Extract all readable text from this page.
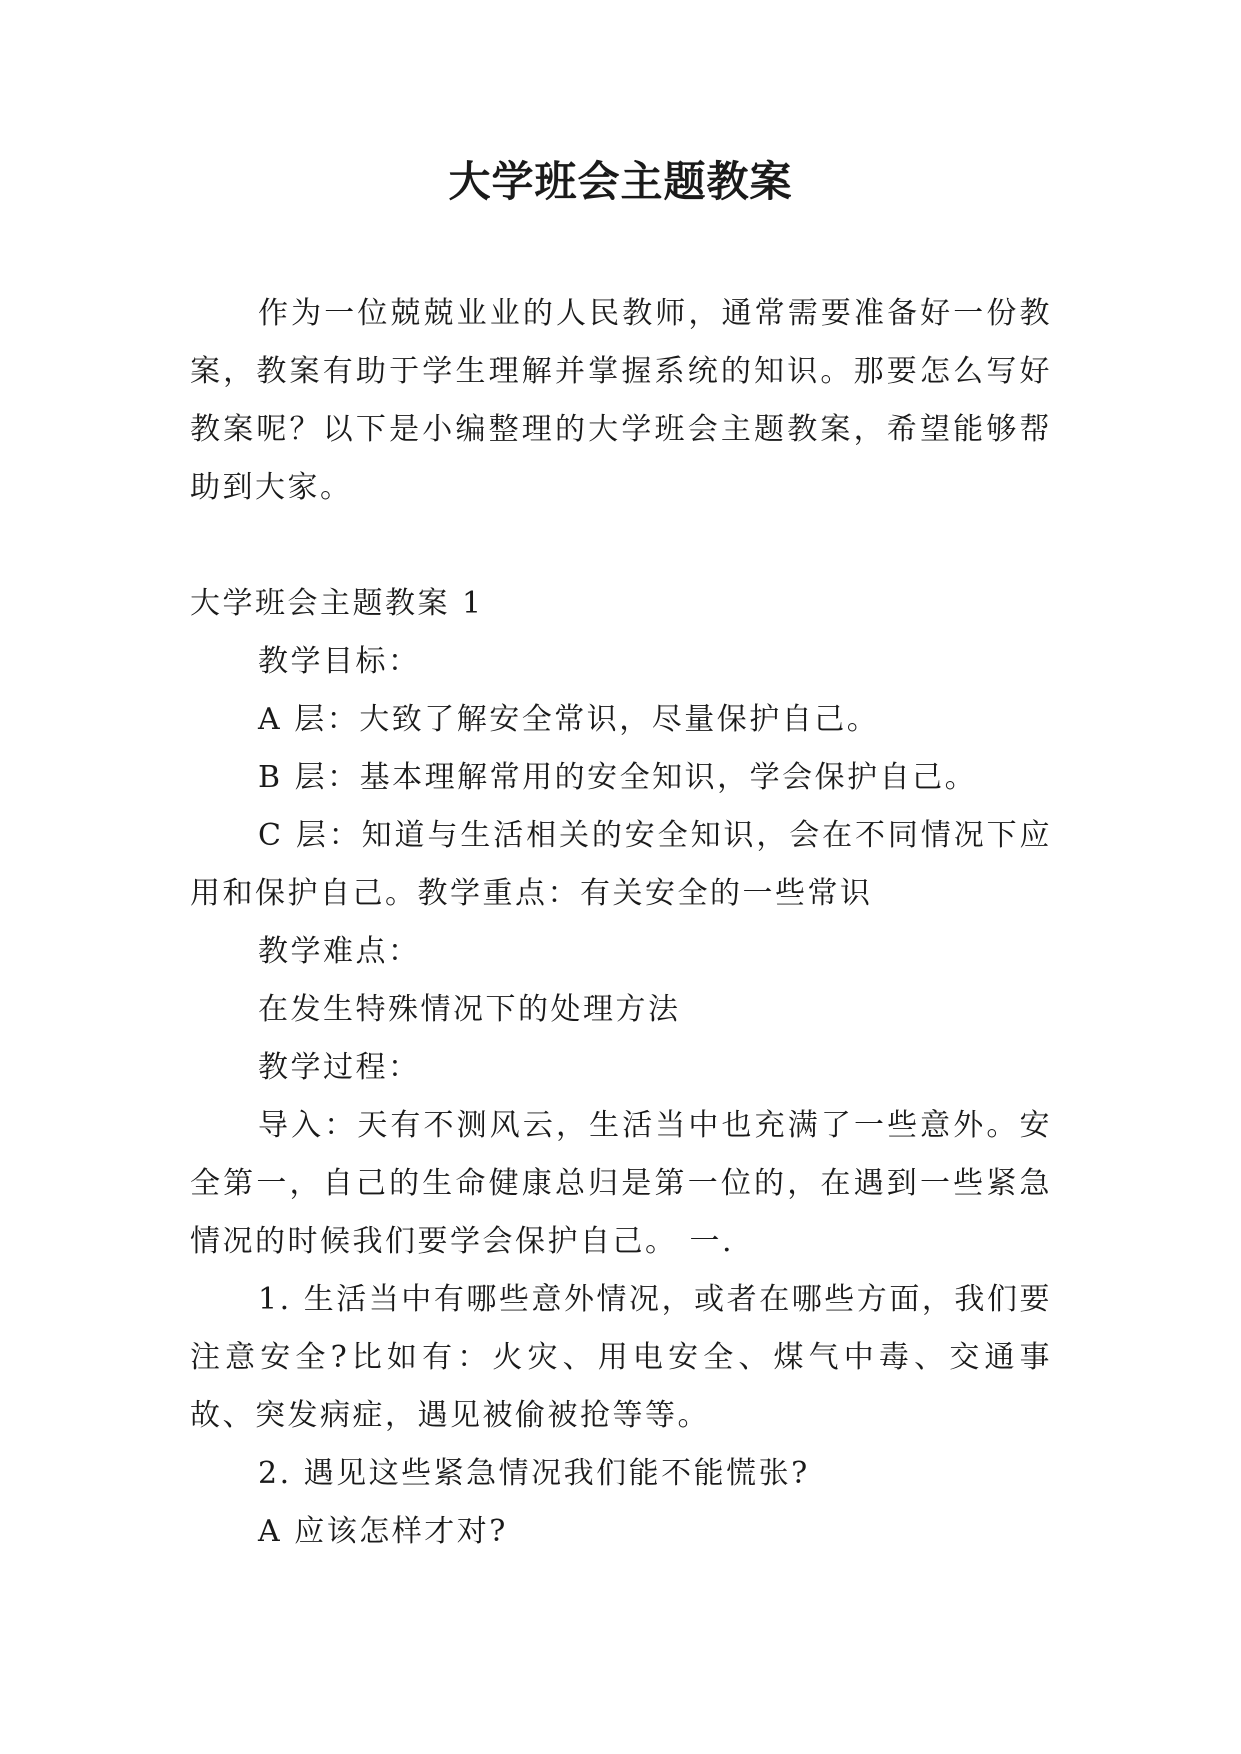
大学班会主题教案

作为一位兢兢业业的人民教师，通常需要准备好一份教案，教案有助于学生理解并掌握系统的知识。那要怎么写好教案呢？以下是小编整理的大学班会主题教案，希望能够帮助到大家。

大学班会主题教案 1

教学目标：

A 层：大致了解安全常识，尽量保护自己。

B 层：基本理解常用的安全知识，学会保护自己。

C 层：知道与生活相关的安全知识，会在不同情况下应用和保护自己。教学重点：有关安全的一些常识

教学难点：

在发生特殊情况下的处理方法

教学过程：

导入：天有不测风云，生活当中也充满了一些意外。安全第一，自己的生命健康总归是第一位的，在遇到一些紧急情况的时候我们要学会保护自己。 一.

1. 生活当中有哪些意外情况，或者在哪些方面，我们要注意安全?比如有：火灾、用电安全、煤气中毒、交通事故、突发病症，遇见被偷被抢等等。

2. 遇见这些紧急情况我们能不能慌张?

A 应该怎样才对?
